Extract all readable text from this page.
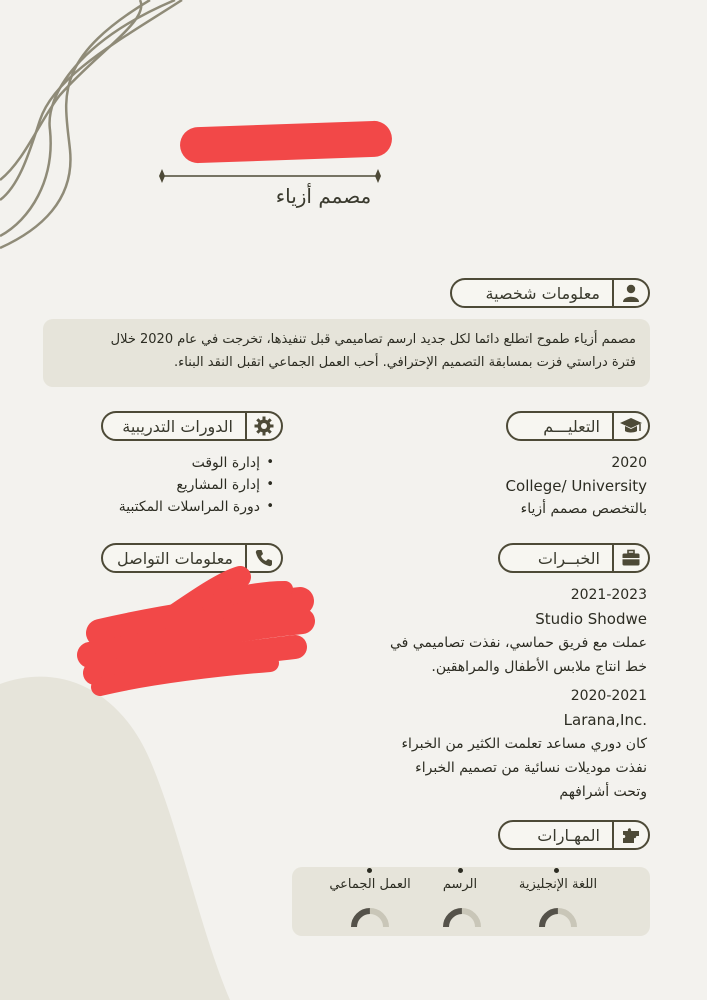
مصمم أزياء
معلومات شخصية

مصمم أزياء طموح اتطلع دائما لكل جديد ارسم تصاميمي قبل تنفيذها، تخرجت في عام 2020 خلال

فترة دراستي فزت بمسابقة التصميم الإحترافي. أحب العمل الجماعي اتقبل النقد البناء.

الدورات التدريبية	التعليـــم
• إدارة الوقت
• إدارة المشاريع
• دورة المراسلات المكتبية
2020
College/ University
بالتخصص مصمم أزياء
معلومات التواصل	الخبــرات
2021-2023
Studio Shodwe
عملت مع فريق حماسي، نفذت تصاميمي في
خط انتاج ملابس الأطفال والمراهقين.
2020-2021
Larana,Inc.
كان دوري مساعد تعلمت الكثير من الخبراء
نفذت موديلات نسائية من تصميم الخبراء
وتحت أشرافهم
المهـارات
اللغة الإنجليزية
الرسم
العمل الجماعي
